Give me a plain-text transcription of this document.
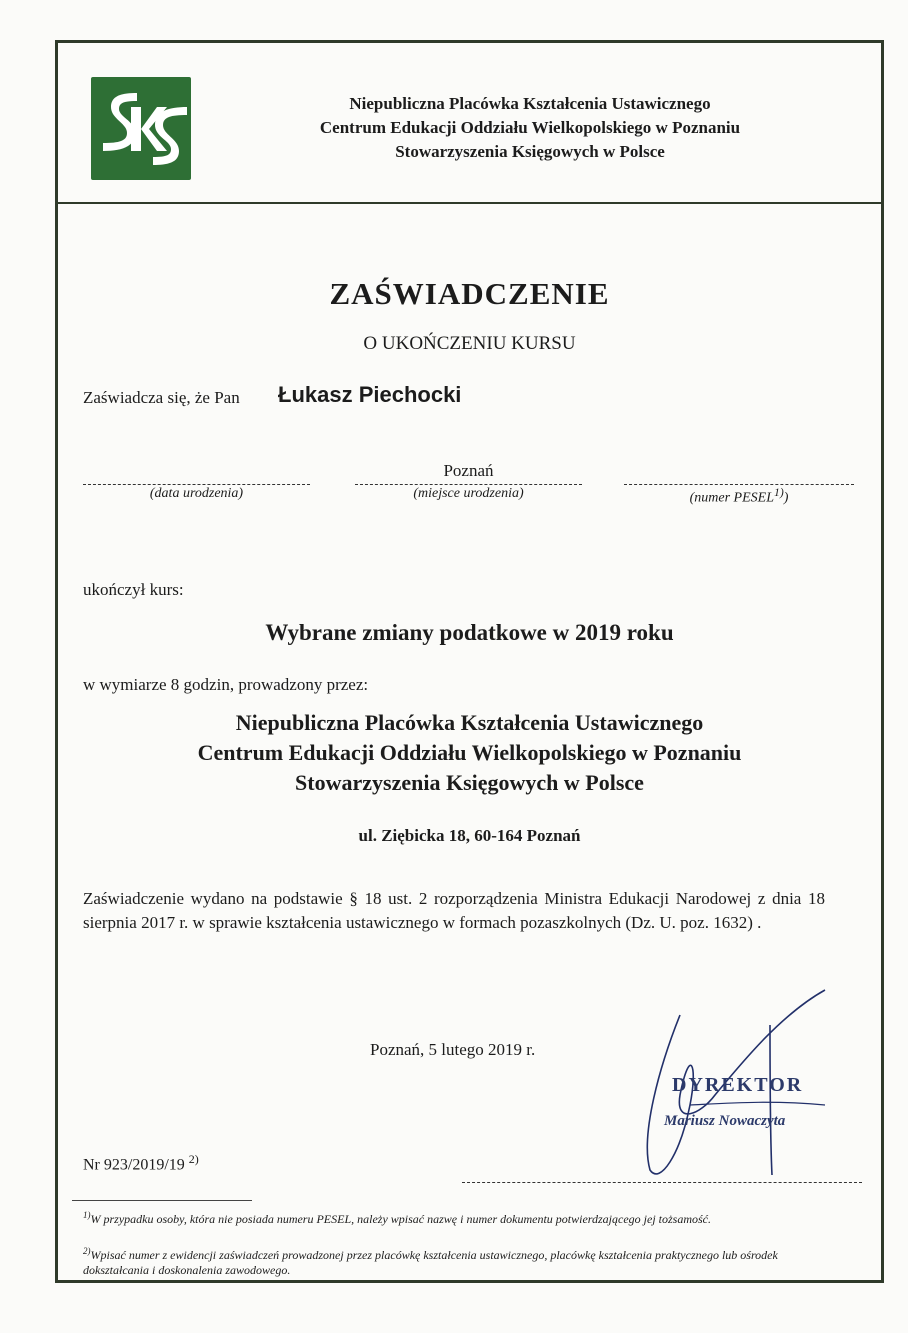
Niepubliczna Placówka Kształcenia Ustawicznego
Centrum Edukacji Oddziału Wielkopolskiego w Poznaniu
Stowarzyszenia Księgowych w Polsce
ZAŚWIADCZENIE
O UKOŃCZENIU KURSU
Zaświadcza się, że Pan Łukasz Piechocki
(data urodzenia)
Poznań
(miejsce urodzenia)	(numer PESEL$^{1)}$)
ukończył kurs:
Wybrane zmiany podatkowe w 2019 roku
w wymiarze 8 godzin, prowadzony przez:
Niepubliczna Placówka Kształcenia Ustawicznego
Centrum Edukacji Oddziału Wielkopolskiego w Poznaniu
Stowarzyszenia Księgowych w Polsce
ul. Ziębicka 18, 60-164 Poznań
Zaświadczenie wydano na podstawie § 18 ust. 2 rozporządzenia Ministra Edukacji Narodowej z dnia 18 sierpnia 2017 r. w sprawie kształcenia ustawicznego w formach pozaszkolnych (Dz. U. poz. 1632) .
Poznań, 5 lutego 2019 r.
DYREKTOR
Mariusz Nowaczyta
Nr 923/2019/19 $^{2)}$
$^{1)}$W przypadku osoby, która nie posiada numeru PESEL, należy wpisać nazwę i numer dokumentu potwierdzającego jej tożsamość.
$^{2)}$Wpisać numer z ewidencji zaświadczeń prowadzonej przez placówkę kształcenia ustawicznego, placówkę kształcenia praktycznego lub ośrodek dokształcania i doskonalenia zawodowego.
